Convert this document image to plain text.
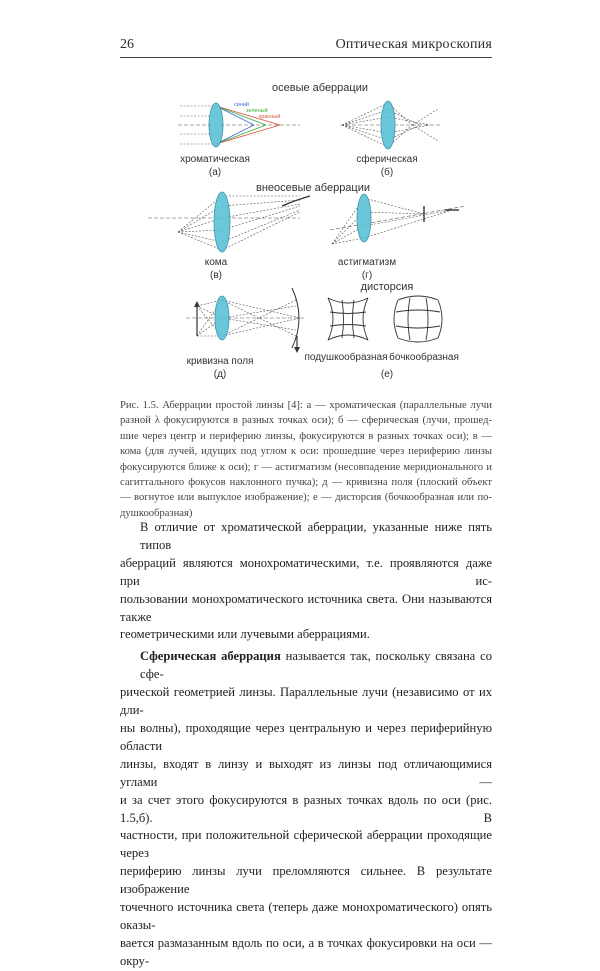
26	Оптическая микроскопия
осевые аберрации
внеосевые аберрации
дисторсия
синий
зеленый
красный
хроматическая
(а)
сферическая
(б)
кома
(в)
астигматизм
(г)
кривизна поля
(д)
подушкообразная бочкообразная
(е)
Рис. 1.5. Аберрации простой линзы [4]: а — хроматическая (параллельные лучи
разной λ фокусируются в разных точках оси); б — сферическая (лучи, прошед-
шие через центр и периферию линзы, фокусируются в разных точках оси); в —
кома (для лучей, идущих под углом к оси: прошедшие через периферию линзы
фокусируются ближе к оси); г — астигматизм (несовпадение меридионального и
сагиттального фокусов наклонного пучка); д — кривизна поля (плоский объект
— вогнутое или выпуклое изображение); е — дисторсия (бочкообразная или по-
душкообразная)
В отличие от хроматической аберрации, указанные ниже пять типов
аберраций являются монохроматическими, т.е. проявляются даже при ис-
пользовании монохроматического источника света. Они называются также
геометрическими или лучевыми аберрациями.
Сферическая аберрация называется так, поскольку связана со сфе-
рической геометрией линзы. Параллельные лучи (независимо от их дли-
ны волны), проходящие через центральную и через периферийную области
линзы, входят в линзу и выходят из линзы под отличающимися углами —
и за счет этого фокусируются в разных точках вдоль по оси (рис. 1.5,б). В
частности, при положительной сферической аберрации проходящие через
периферию линзы лучи преломляются сильнее. В результате изображение
точечного источника света (теперь даже монохроматического) опять оказы-
вается размазанным вдоль по оси, а в точках фокусировки на оси — окру-
